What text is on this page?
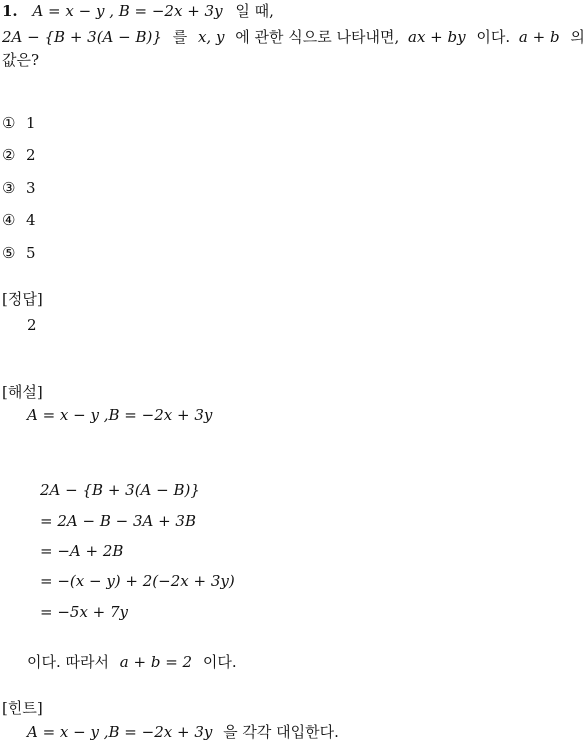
1. A = x − y , B = −2x + 3y 일 때,
2A − {B + 3(A − B)} 를 x, y 에 관한 식으로 나타내면, ax + by 이다. a + b 의
값은?
① 1
② 2
③ 3
④ 4
⑤ 5
[정답]
2
[해설]
A = x − y ,B = −2x + 3y
2A − {B + 3(A − B)}
= 2A − B − 3A + 3B
= −A + 2B
= −(x − y) + 2(−2x + 3y)
= −5x + 7y
이다. 따라서 a + b = 2 이다.
[힌트]
A = x − y ,B = −2x + 3y 을 각각 대입한다.
